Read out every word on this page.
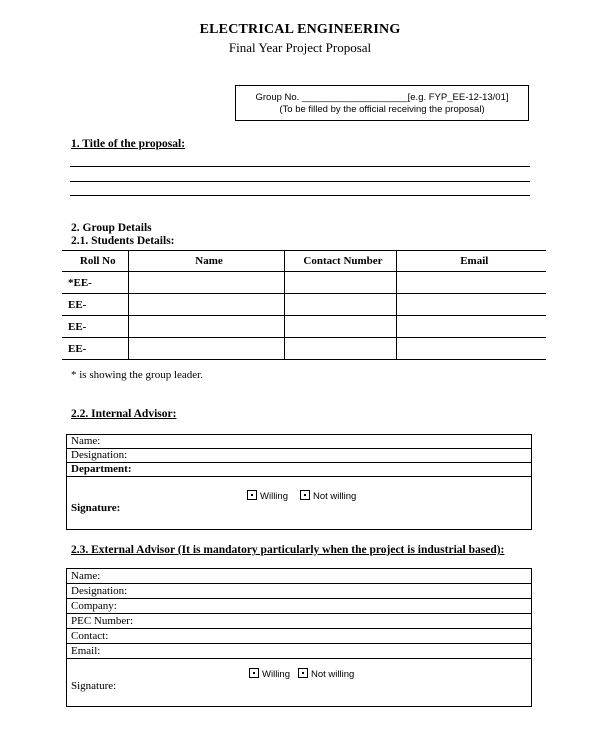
ELECTRICAL ENGINEERING
Final Year Project Proposal
Group No. ____________________[e.g. FYP_EE-12-13/01]
(To be filled by the official receiving the proposal)
1. Title of the proposal:
2. Group Details
2.1. Students Details:
Roll No	Name	Contact Number	Email
*EE-			
EE-			
EE-			
EE-			
* is showing the group leader.
2.2. Internal Advisor:
Name:
Designation:
Department:
Willing	Not willing
Signature:
2.3. External Advisor (It is mandatory particularly when the project is industrial based):
Name:
Designation:
Company:
PEC Number:
Contact:
Email:
Willing	Not willing
Signature:
